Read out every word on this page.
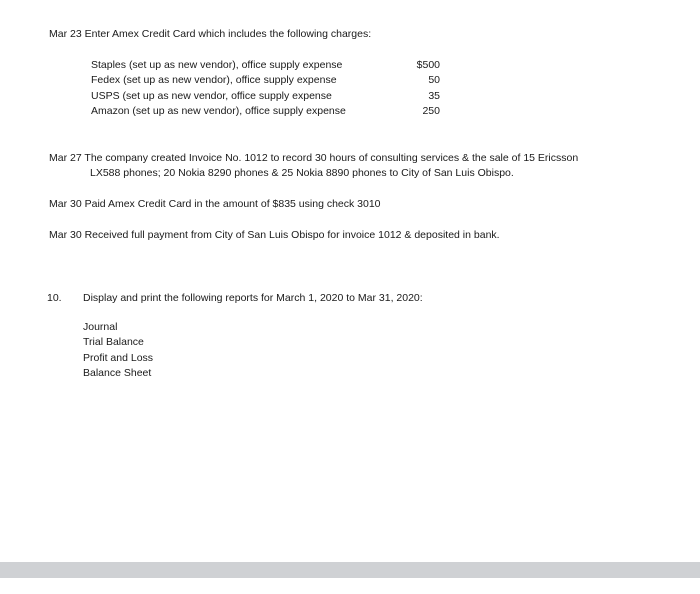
Mar 23 Enter Amex Credit Card which includes the following charges:
Staples (set up as new vendor), office supply expense	$500
Fedex (set up as new vendor), office supply expense	50
USPS (set up as new vendor, office supply expense	35
Amazon (set up as new vendor), office supply expense	250
Mar 27 The company created Invoice No. 1012 to record 30 hours of consulting services & the sale of 15 Ericsson
LX588 phones; 20 Nokia 8290 phones & 25 Nokia 8890 phones to City of San Luis Obispo.
Mar 30 Paid Amex Credit Card in the amount of $835 using check 3010
Mar 30 Received full payment from City of San Luis Obispo for invoice 1012 & deposited in bank.
10. Display and print the following reports for March 1, 2020 to Mar 31, 2020:
Journal
Trial Balance
Profit and Loss
Balance Sheet
